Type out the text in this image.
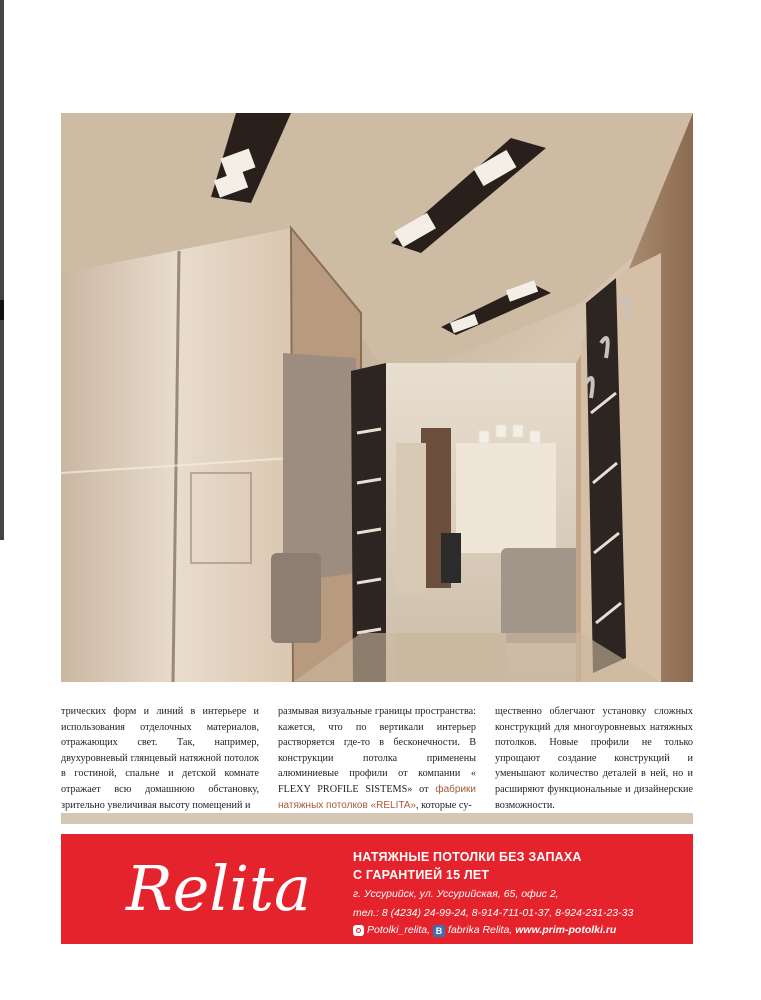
трических форм и линий в интерьере и использования отделочных материалов, отражающих свет. Так, например, двухуровневый глянцевый натяжной потолок в гостиной, спальне и детской комнате отражает всю домашнюю обстановку, зрительно увеличивая высоту помещений и
размывая визуальные границы пространства: кажется, что по вертикали интерьер растворяется где-то в бесконечности. В конструкции потолка применены алюминиевые профили от компании « FLEXY PROFILE SISTEMS» от фабрики натяжных потолков «RELITA», которые су-
щественно облегчают установку сложных конструкций для многоуровневых натяжных потолков. Новые профили не только упрощают создание конструкций и уменьшают количество деталей в ней, но и расширяют функциональные и дизайнерские возможности.
Relita	НАТЯЖНЫЕ ПОТОЛКИ БЕЗ ЗАПАХА
С ГАРАНТИЕЙ 15 ЛЕТ
г. Уссурийск, ул. Уссурийская, 65, офис 2,
тел.: 8 (4234) 24-99-24, 8-914-711-01-37, 8-924-231-23-33
Potolki_relita, B fabrika Relita, www.prim-potolki.ru
